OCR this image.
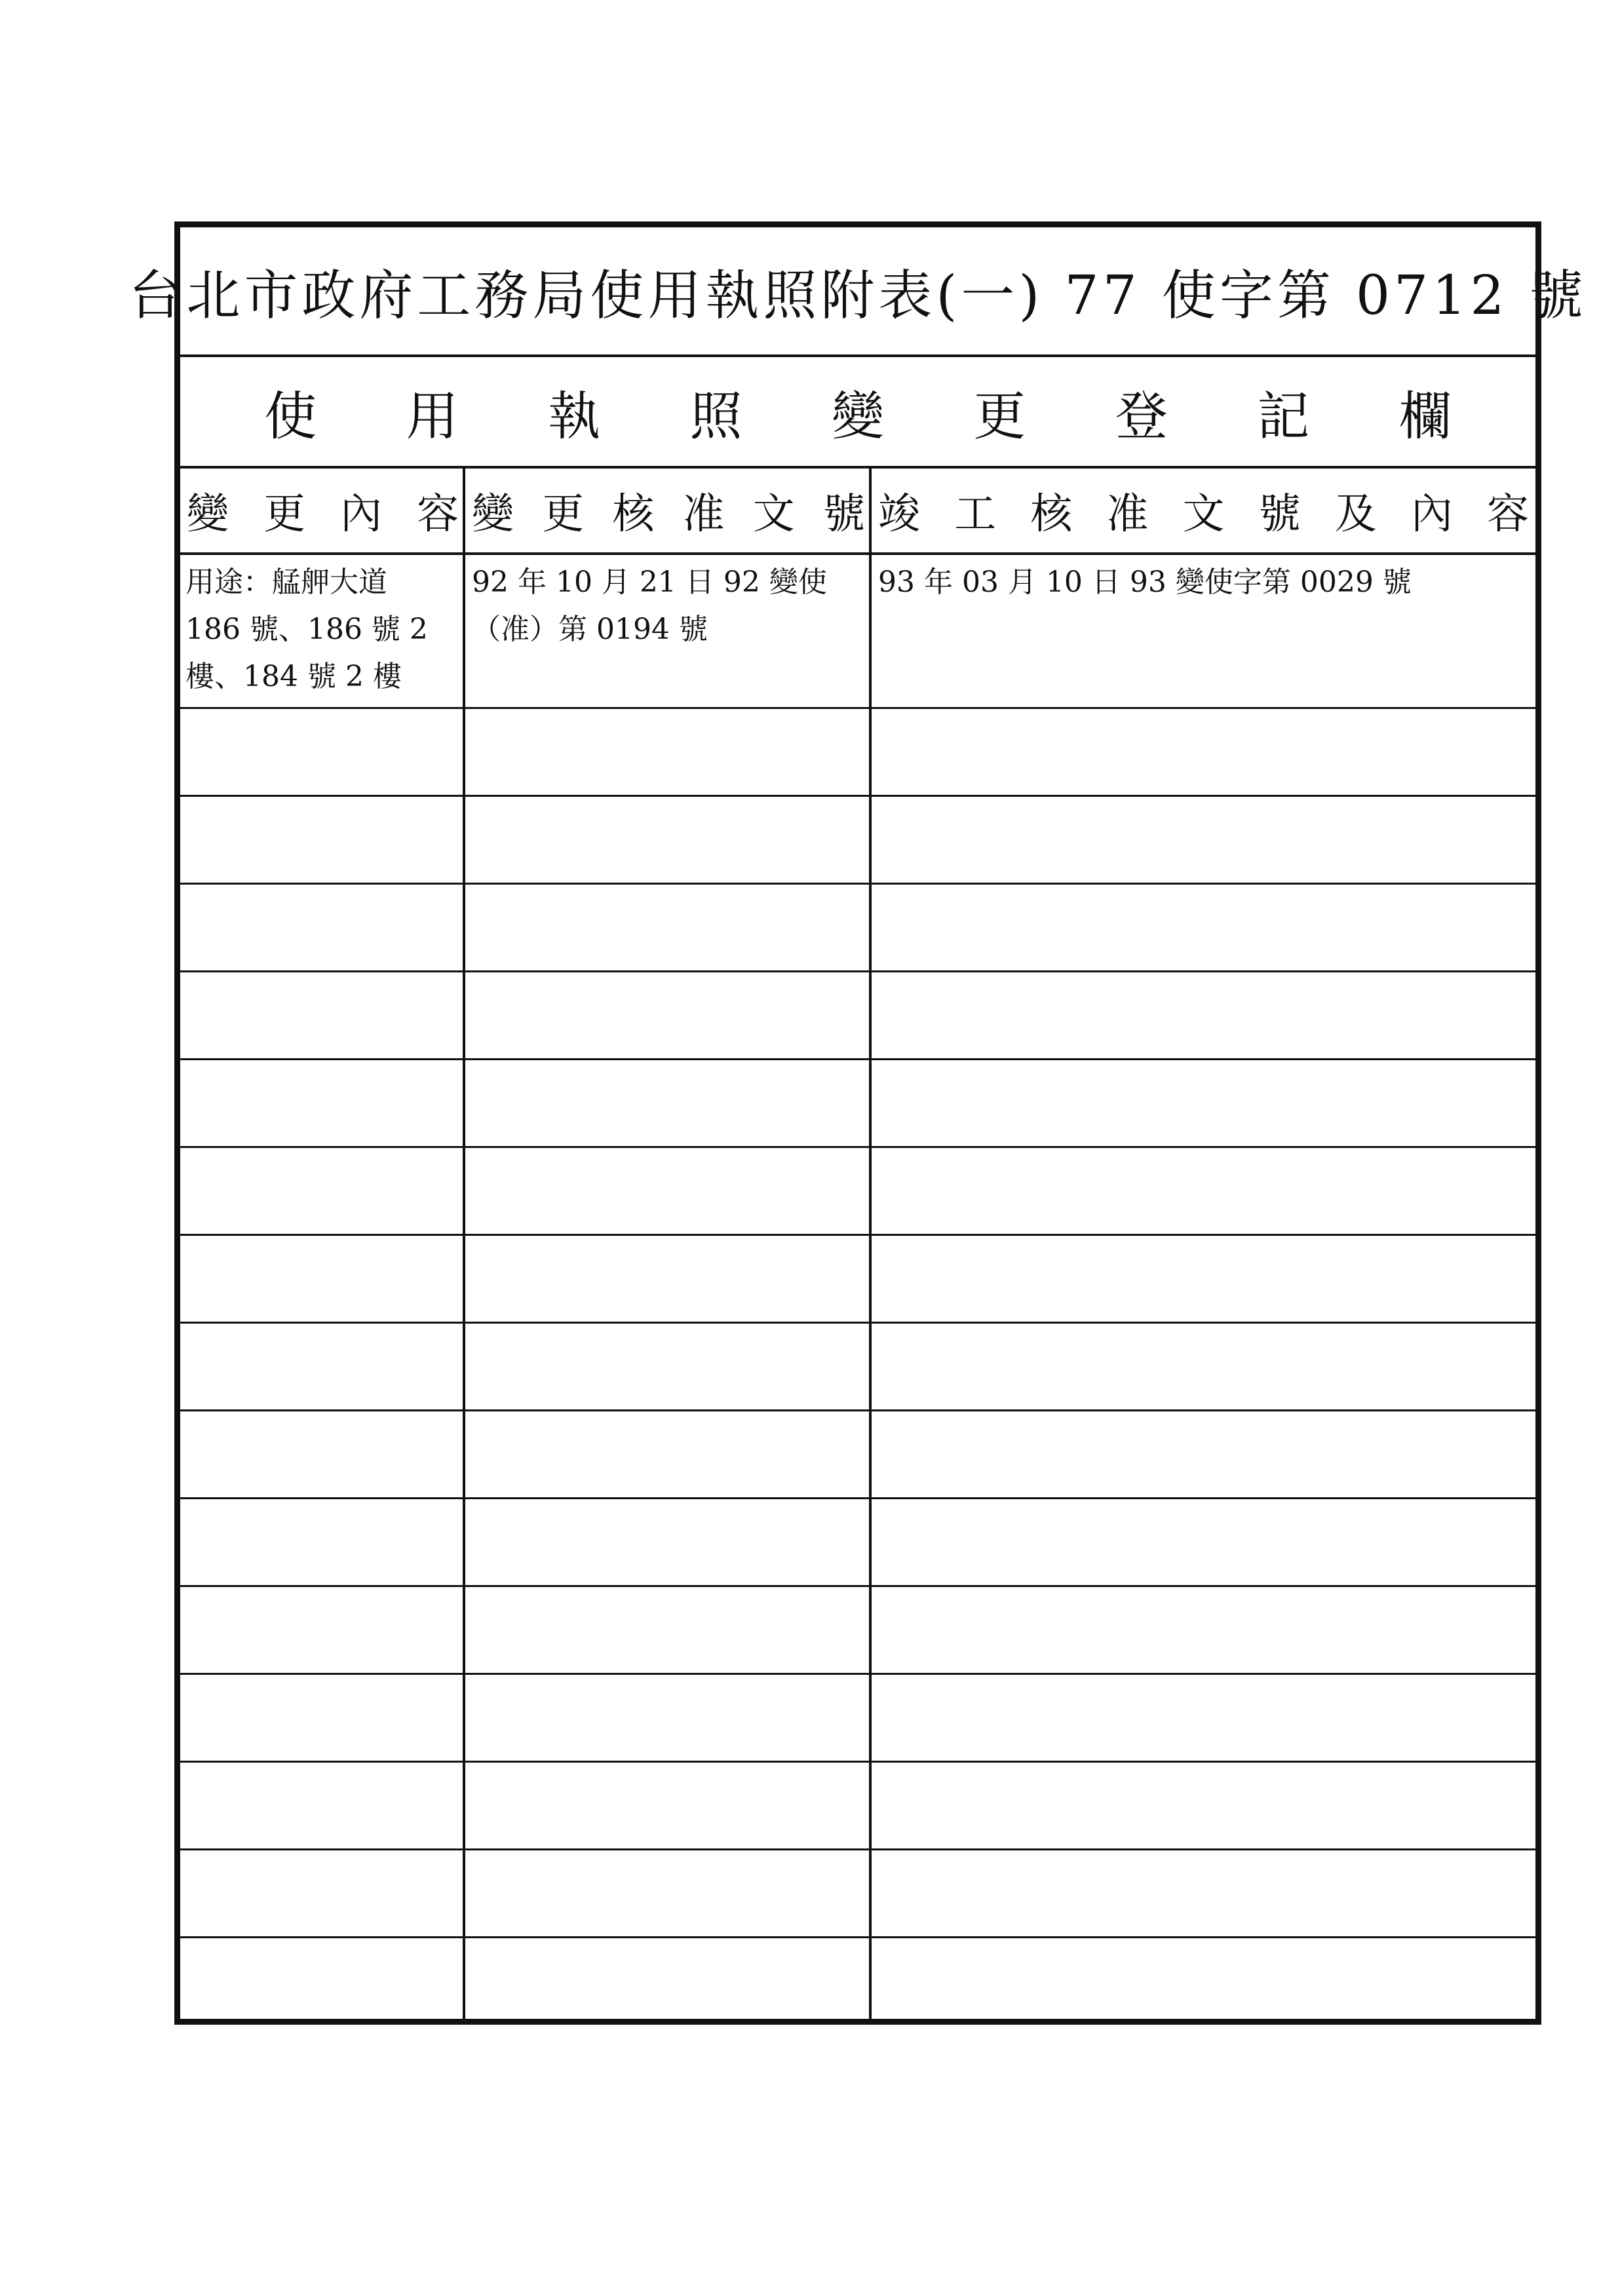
台北市政府工務局使用執照附表(一) 77 使字第 0712 號
使 用 執 照 變 更 登 記 欄
變 更 內 容 變 更 核 准 文 號 竣 工 核 准 文 號 及 內 容
用途：艋舺大道
186 號、186 號 2
樓、184 號 2 樓
92 年 10 月 21 日 92 變使
（准）第 0194 號
93 年 03 月 10 日 93 變使字第 0029 號
